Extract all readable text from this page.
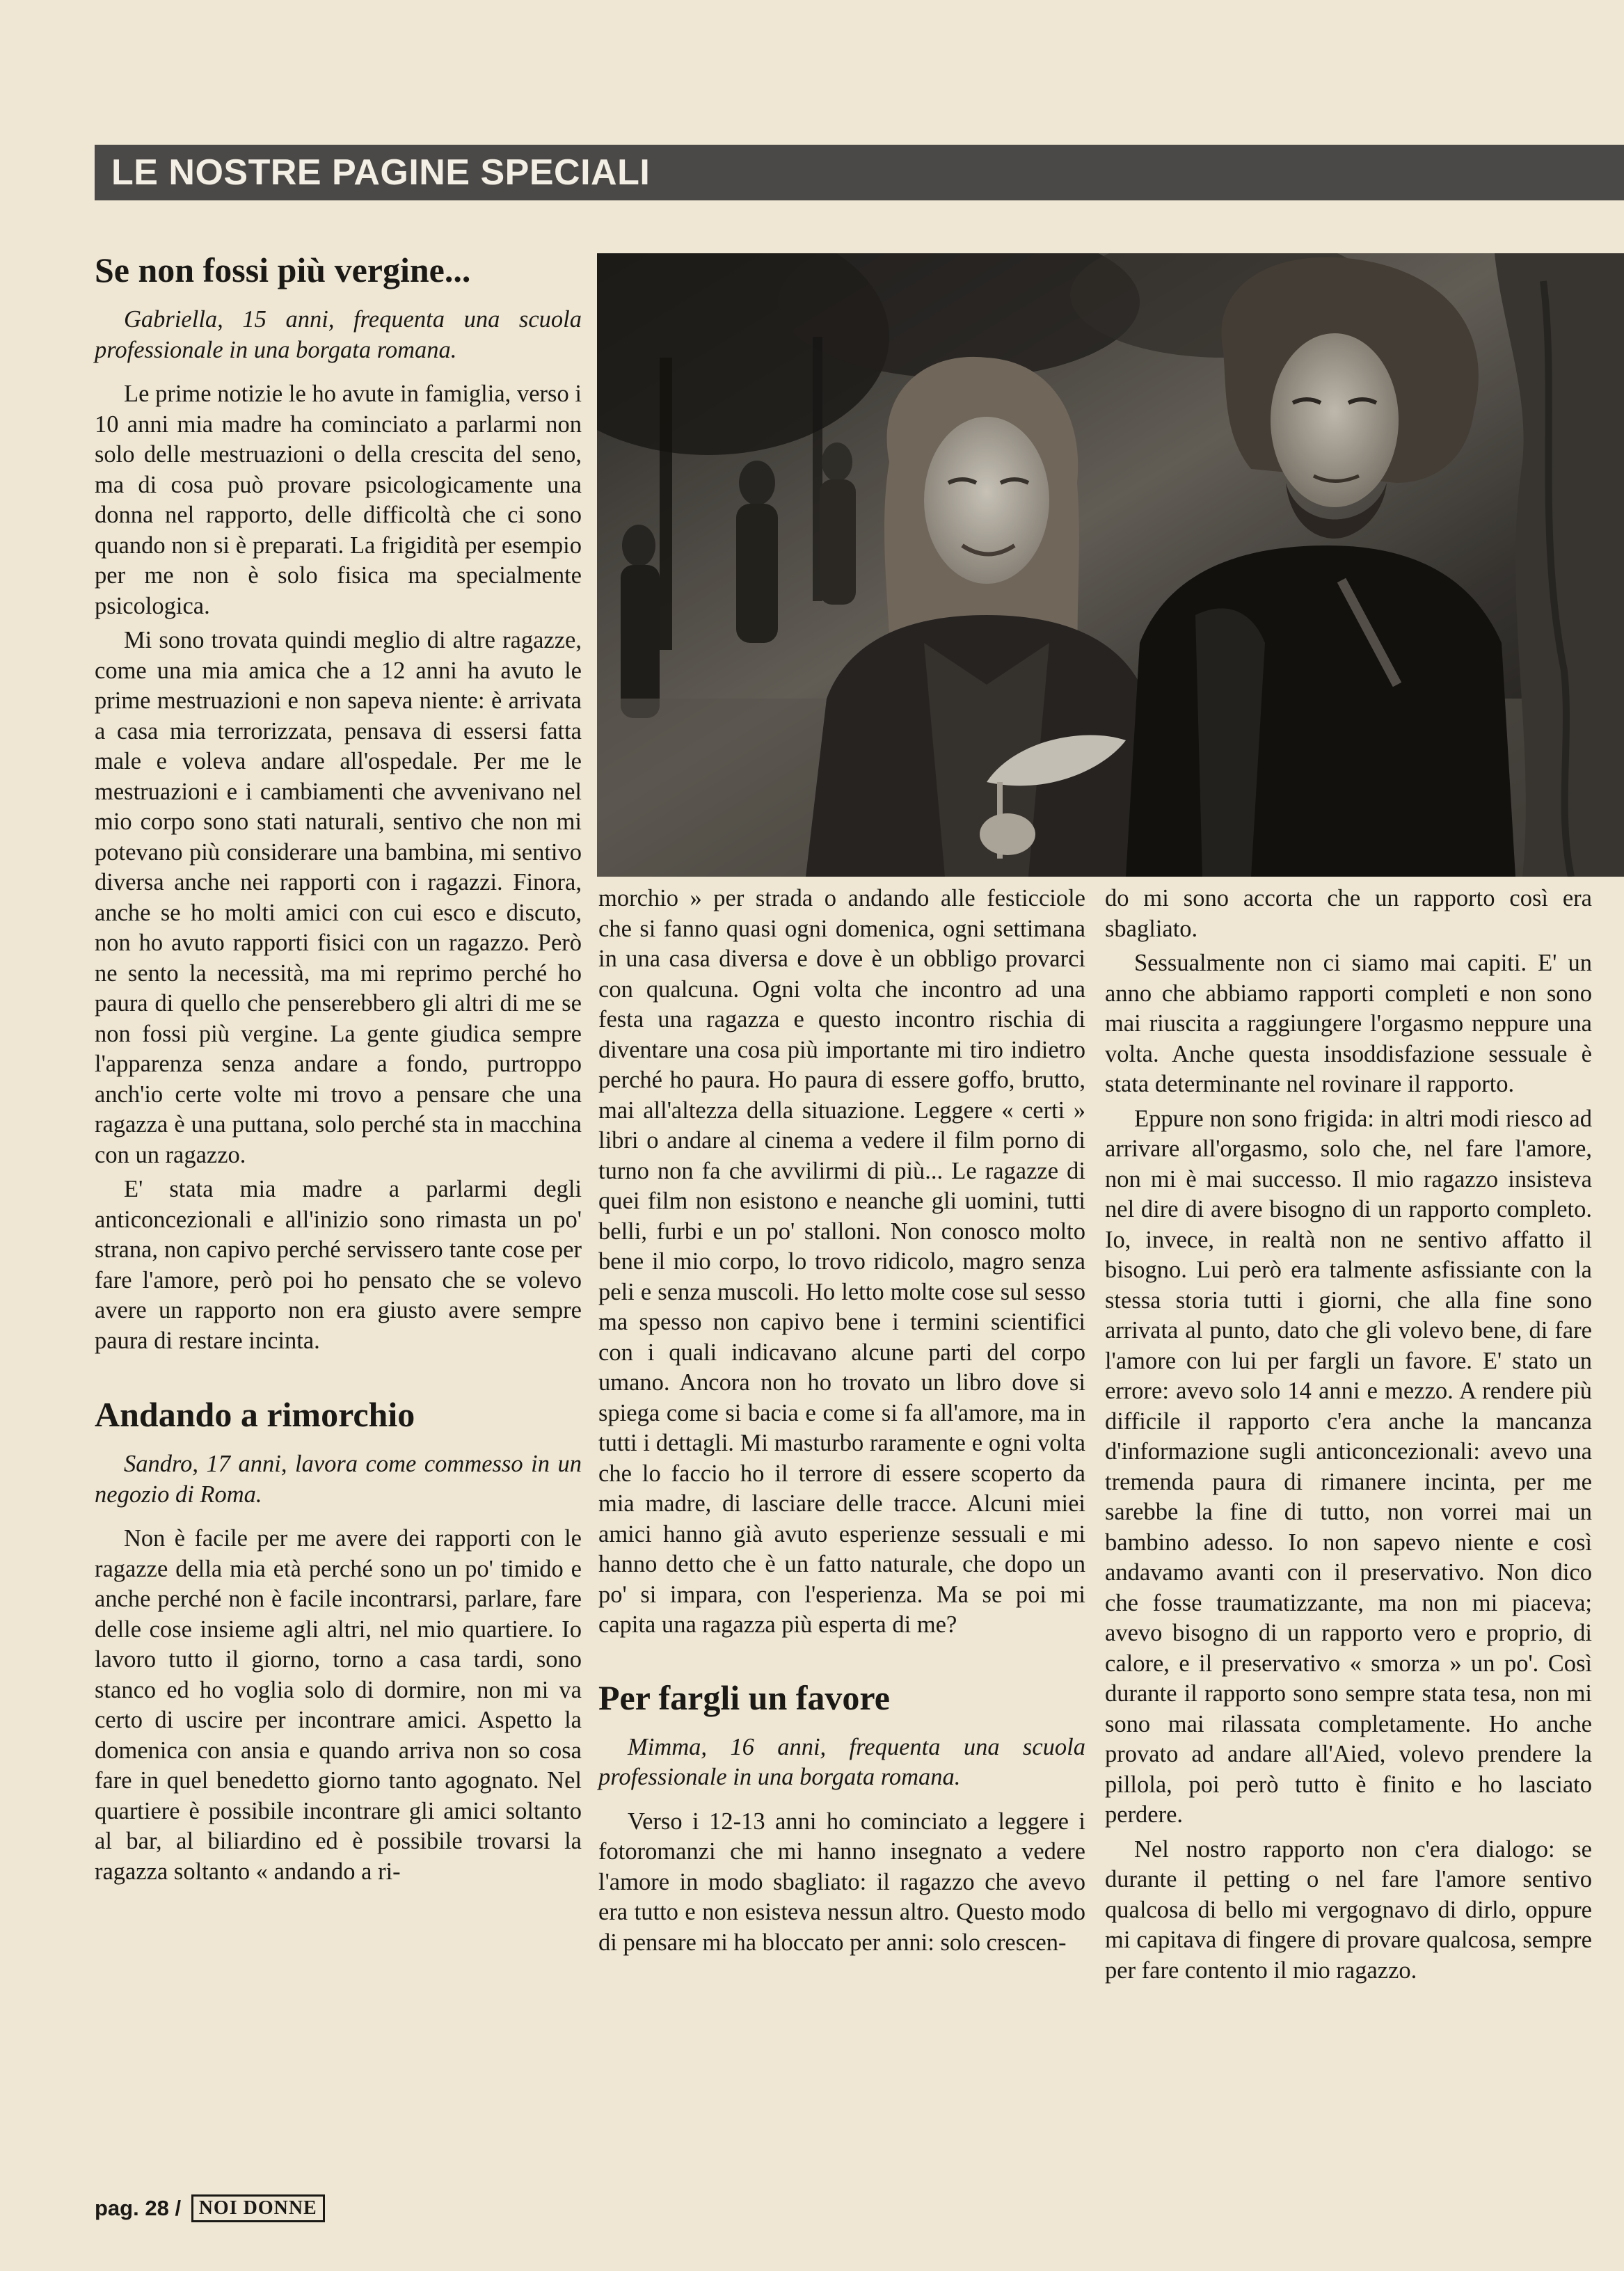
LE NOSTRE PAGINE SPECIALI
Se non fossi più vergine...

Gabriella, 15 anni, frequenta una scuola professionale in una borgata romana.

Le prime notizie le ho avute in famiglia, verso i 10 anni mia madre ha cominciato a parlarmi non solo delle mestruazioni o della crescita del seno, ma di cosa può provare psicologicamente una donna nel rapporto, delle difficoltà che ci sono quando non si è preparati. La frigidità per esempio per me non è solo fisica ma specialmente psicologica.

Mi sono trovata quindi meglio di altre ragazze, come una mia amica che a 12 anni ha avuto le prime mestruazioni e non sapeva niente: è arrivata a casa mia terrorizzata, pensava di essersi fatta male e voleva andare all'ospedale. Per me le mestruazioni e i cambiamenti che avvenivano nel mio corpo sono stati naturali, sentivo che non mi potevano più considerare una bambina, mi sentivo diversa anche nei rapporti con i ragazzi. Finora, anche se ho molti amici con cui esco e discuto, non ho avuto rapporti fisici con un ragazzo. Però ne sento la necessità, ma mi reprimo perché ho paura di quello che penserebbero gli altri di me se non fossi più vergine. La gente giudica sempre l'apparenza senza andare a fondo, purtroppo anch'io certe volte mi trovo a pensare che una ragazza è una puttana, solo perché sta in macchina con un ragazzo.

E' stata mia madre a parlarmi degli anticoncezionali e all'inizio sono rimasta un po' strana, non capivo perché servissero tante cose per fare l'amore, però poi ho pensato che se volevo avere un rapporto non era giusto avere sempre paura di restare incinta.

Andando a rimorchio

Sandro, 17 anni, lavora come commesso in un negozio di Roma.

Non è facile per me avere dei rapporti con le ragazze della mia età perché sono un po' timido e anche perché non è facile incontrarsi, parlare, fare delle cose insieme agli altri, nel mio quartiere. Io lavoro tutto il giorno, torno a casa tardi, sono stanco ed ho voglia solo di dormire, non mi va certo di uscire per incontrare amici. Aspetto la domenica con ansia e quando arriva non so cosa fare in quel benedetto giorno tanto agognato. Nel quartiere è possibile incontrare gli amici soltanto al bar, al biliardino ed è possibile trovarsi la ragazza soltanto « andando a ri-

morchio » per strada o andando alle festicciole che si fanno quasi ogni domenica, ogni settimana in una casa diversa e dove è un obbligo provarci con qualcuna. Ogni volta che incontro ad una festa una ragazza e questo incontro rischia di diventare una cosa più importante mi tiro indietro perché ho paura. Ho paura di essere goffo, brutto, mai all'altezza della situazione. Leggere « certi » libri o andare al cinema a vedere il film porno di turno non fa che avvilirmi di più... Le ragazze di quei film non esistono e neanche gli uomini, tutti belli, furbi e un po' stalloni. Non conosco molto bene il mio corpo, lo trovo ridicolo, magro senza peli e senza muscoli. Ho letto molte cose sul sesso ma spesso non capivo bene i termini scientifici con i quali indicavano alcune parti del corpo umano. Ancora non ho trovato un libro dove si spiega come si bacia e come si fa all'amore, ma in tutti i dettagli. Mi masturbo raramente e ogni volta che lo faccio ho il terrore di essere scoperto da mia madre, di lasciare delle tracce. Alcuni miei amici hanno già avuto esperienze sessuali e mi hanno detto che è un fatto naturale, che dopo un po' si impara, con l'esperienza. Ma se poi mi capita una ragazza più esperta di me?

Per fargli un favore

Mimma, 16 anni, frequenta una scuola professionale in una borgata romana.

Verso i 12-13 anni ho cominciato a leggere i fotoromanzi che mi hanno insegnato a vedere l'amore in modo sbagliato: il ragazzo che avevo era tutto e non esisteva nessun altro. Questo modo di pensare mi ha bloccato per anni: solo crescen-

do mi sono accorta che un rapporto così era sbagliato.

Sessualmente non ci siamo mai capiti. E' un anno che abbiamo rapporti completi e non sono mai riuscita a raggiungere l'orgasmo neppure una volta. Anche questa insoddisfazione sessuale è stata determinante nel rovinare il rapporto.

Eppure non sono frigida: in altri modi riesco ad arrivare all'orgasmo, solo che, nel fare l'amore, non mi è mai successo. Il mio ragazzo insisteva nel dire di avere bisogno di un rapporto completo. Io, invece, in realtà non ne sentivo affatto il bisogno. Lui però era talmente asfissiante con la stessa storia tutti i giorni, che alla fine sono arrivata al punto, dato che gli volevo bene, di fare l'amore con lui per fargli un favore. E' stato un errore: avevo solo 14 anni e mezzo. A rendere più difficile il rapporto c'era anche la mancanza d'informazione sugli anticoncezionali: avevo una tremenda paura di rimanere incinta, per me sarebbe la fine di tutto, non vorrei mai un bambino adesso. Io non sapevo niente e così andavamo avanti con il preservativo. Non dico che fosse traumatizzante, ma non mi piaceva; avevo bisogno di un rapporto vero e proprio, di calore, e il preservativo « smorza » un po'. Così durante il rapporto sono sempre stata tesa, non mi sono mai rilassata completamente. Ho anche provato ad andare all'Aied, volevo prendere la pillola, poi però tutto è finito e ho lasciato perdere.

Nel nostro rapporto non c'era dialogo: se durante il petting o nel fare l'amore sentivo qualcosa di bello mi vergognavo di dirlo, oppure mi capitava di fingere di provare qualcosa, sempre per fare contento il mio ragazzo.

pag. 28 / NOI DONNE
